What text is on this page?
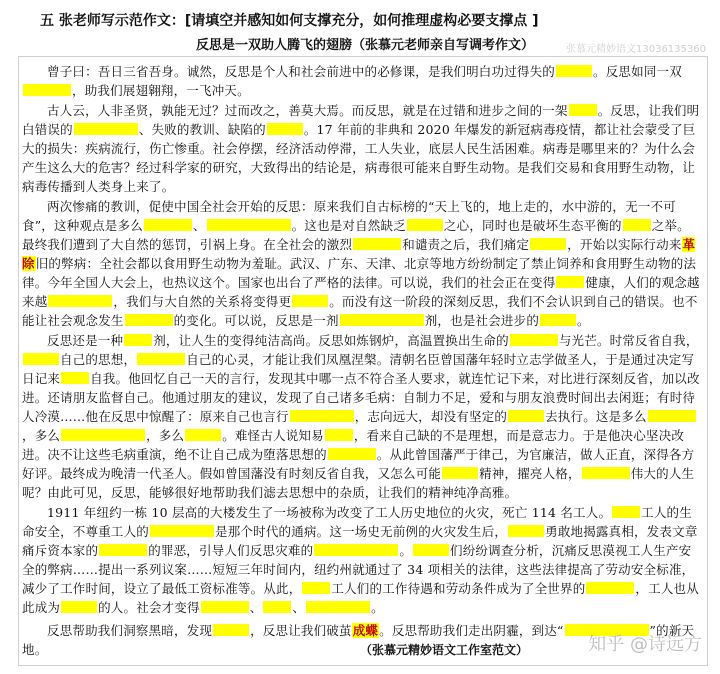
五 张老师写示范作文：[请填空并感知如何支撑充分，如何推理虚构必要支撑点 ]
反思是一双助人腾飞的翅膀（张慕元老师亲自写调考作文）	张慕元精妙语文13036135360

曾子曰：吾日三省吾身。诚然，反思是个人和社会前进中的必修课，是我们明白功过得失的	。反思如同一双，助我们展翅翱翔，一飞冲天。

古人云，人非圣贤，孰能无过？过而改之，善莫大焉。而反思，就是在过错和进步之间的一架 。反思，让我们明白错误的	、失败的教训、缺陷的	。17 年前的非典和 2020 年爆发的新冠病毒疫情，都让社会蒙受了巨大的损失：疾病流行，伤亡惨重。社会停摆，经济活动停滞，工人失业，底层人民生活困难。病毒是哪里来的？为什么会产生这么大的危害？经过科学家的研究，大致得出的结论是，病毒很可能来自野生动物。是我们交易和食用野生动物，让病毒传播到人类身上来了。

两次惨痛的教训，促使中国全社会开始的反思：原来我们自古标榜的“天上飞的，地上走的，水中游的，无一不可食”，这种观点是多么	、	。这也是对自然缺乏	之心，同时也是破坏生态平衡的 之举。最终我们遭到了大自然的惩罚，引祸上身。在全社会的激烈	和谴责之后，我们痛定	，开始以实际行动来革除旧的弊病：全社会都以食用野生动物为羞耻。武汉、广东、天津、北京等地方纷纷制定了禁止饲养和食用野生动物的法律。今年全国人大会上，也热议这个。国家也出台了严格的法律。可以说，我们的社会正在变得 健康，人们的观念越来越	，我们与大自然的关系将变得更	。而没有这一阶段的深刻反思，我们不会认识到自己的错误。也不能让社会观念发生	的变化。可以说，反思是一剂	剂，也是社会进步的	。

反思还是一种 剂，让人生的变得纯洁高尚。反思如炼钢炉，高温置换出生命的	与光芒。时常反省自我，自己的思想，	自己的心灵，才能让我们凤凰涅槃。清朝名臣曾国藩年轻时立志学做圣人，于是通过决定写日记来 自我。他回忆自己一天的言行，发现其中哪一点不符合圣人要求，就连忙记下来，对比进行深刻反省，加以改进。还请朋友监督自己。他通过朋友的建议，发现了自己诸多毛病：自制力不足，爱和与朋友浪费时间出去闲逛；有时待人冷漠……他在反思中惊醒了：原来自己也言行	，志向远大，却没有坚定的	去执行。这是多么，多么	，多么	。难怪古人说知易 ，看来自己缺的不是理想，而是意志力。于是他决心坚决改进。决不让这些毛病重演，绝不让自己成为堕落思想的	。从此曾国藩严于律己，为官廉洁，做人正直，深得各方好评。最终成为晚清一代圣人。假如曾国藩没有时刻反省自我，又怎么可能	精神，擢亮人格，	伟大的人生呢？由此可见，反思，能够很好地帮助我们滤去思想中的杂质，让我们的精神纯净高雅。

1911 年纽约一栋 10 层高的大楼发生了一场被称为改变了工人历史地位的火灾，死亡 114 名工人。 工人的生命安全，不尊重工人的	是那个时代的通病。这一场史无前例的火灾发生后，	勇敢地揭露真相，发表文章痛斥资本家的	的罪恶，引导人们反思灾难的	。	们纷纷调查分析，沉痛反思漠视工人生产安全的弊病……提出一系列议案……短短三年时间内，纽约州就通过了 34 项相关的法律，这些法律提高了劳动安全标准，减少了工作时间，设立了最低工资标准等。从此， 工人们的工作待遇和劳动条件成为了全世界的	，工人也从此成为	的人。社会才变得	、 、	。

反思帮助我们洞察黑暗，发现	，反思让我们破茧成蝶。反思帮助我们走出阴霾，到达“	”的新天地。	（张慕元精妙语文工作室范文）	知乎 @诗远方
